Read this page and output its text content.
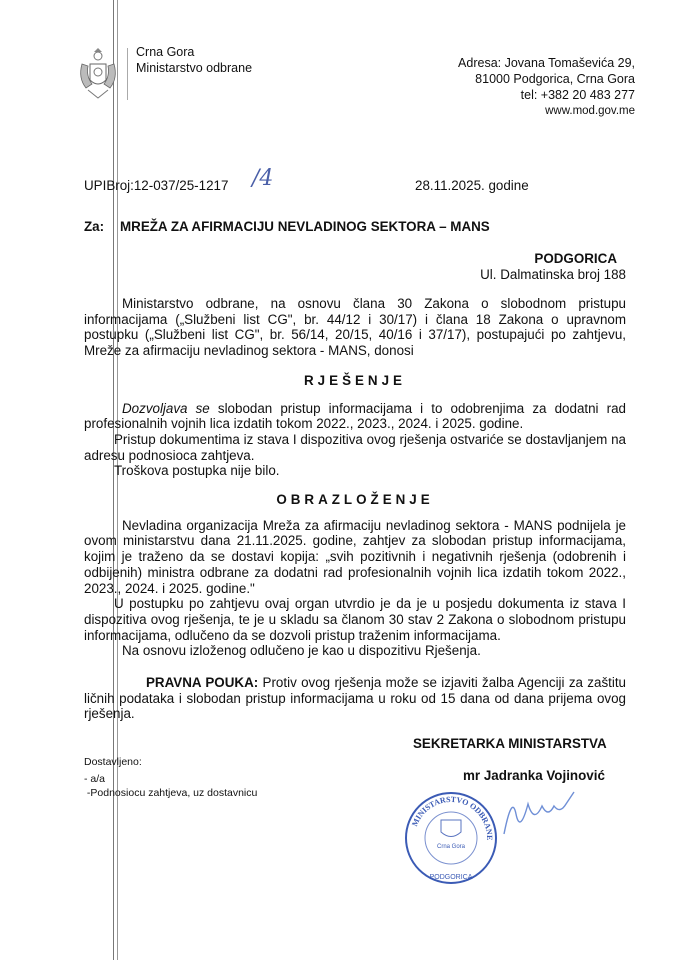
Crna Gora
Ministarstvo odbrane	Adresa: Jovana Tomaševića 29,
81000 Podgorica, Crna Gora
tel: +382 20 483 277
www.mod.gov.me
UPIBroj:12-037/25-1217 /4	28.11.2025. godine
Za: MREŽA ZA AFIRMACIJU NEVLADINOG SEKTORA – MANS
PODGORICA
Ul. Dalmatinska broj 188

Ministarstvo odbrane, na osnovu člana 30 Zakona o slobodnom pristupu informacijama („Službeni list CG", br. 44/12 i 30/17) i člana 18 Zakona o upravnom postupku („Službeni list CG", br. 56/14, 20/15, 40/16 i 37/17), postupajući po zahtjevu, Mreže za afirmaciju nevladinog sektora - MANS, donosi

RJEŠENJE

Dozvoljava se slobodan pristup informacijama i to odobrenjima za dodatni rad profesionalnih vojnih lica izdatih tokom 2022., 2023., 2024. i 2025. godine.

Pristup dokumentima iz stava I dispozitiva ovog rješenja ostvariće se dostavljanjem na adresu podnosioca zahtjeva.

Troškova postupka nije bilo.

OBRAZLOŽENJE

Nevladina organizacija Mreža za afirmaciju nevladinog sektora - MANS podnijela je ovom ministarstvu dana 21.11.2025. godine, zahtjev za slobodan pristup informacijama, kojim je traženo da se dostavi kopija: „svih pozitivnih i negativnih rješenja (odobrenih i odbijenih) ministra odbrane za dodatni rad profesionalnih vojnih lica izdatih tokom 2022., 2023., 2024. i 2025. godine."

U postupku po zahtjevu ovaj organ utvrdio je da je u posjedu dokumenta iz stava I dispozitiva ovog rješenja, te je u skladu sa članom 30 stav 2 Zakona o slobodnom pristupu informacijama, odlučeno da se dozvoli pristup traženim informacijama.

Na osnovu izloženog odlučeno je kao u dispozitivu Rješenja.

PRAVNA POUKA: Protiv ovog rješenja može se izjaviti žalba Agenciji za zaštitu ličnih podataka i slobodan pristup informacijama u roku od 15 dana od dana prijema ovog rješenja.

SEKRETARKA MINISTARSTVA
mr Jadranka Vojinović
Dostavljeno:
- a/a
-Podnosiocu zahtjeva, uz dostavnicu
MINISTARSTVO ODBRANE
Crna Gora
PODGORICA
